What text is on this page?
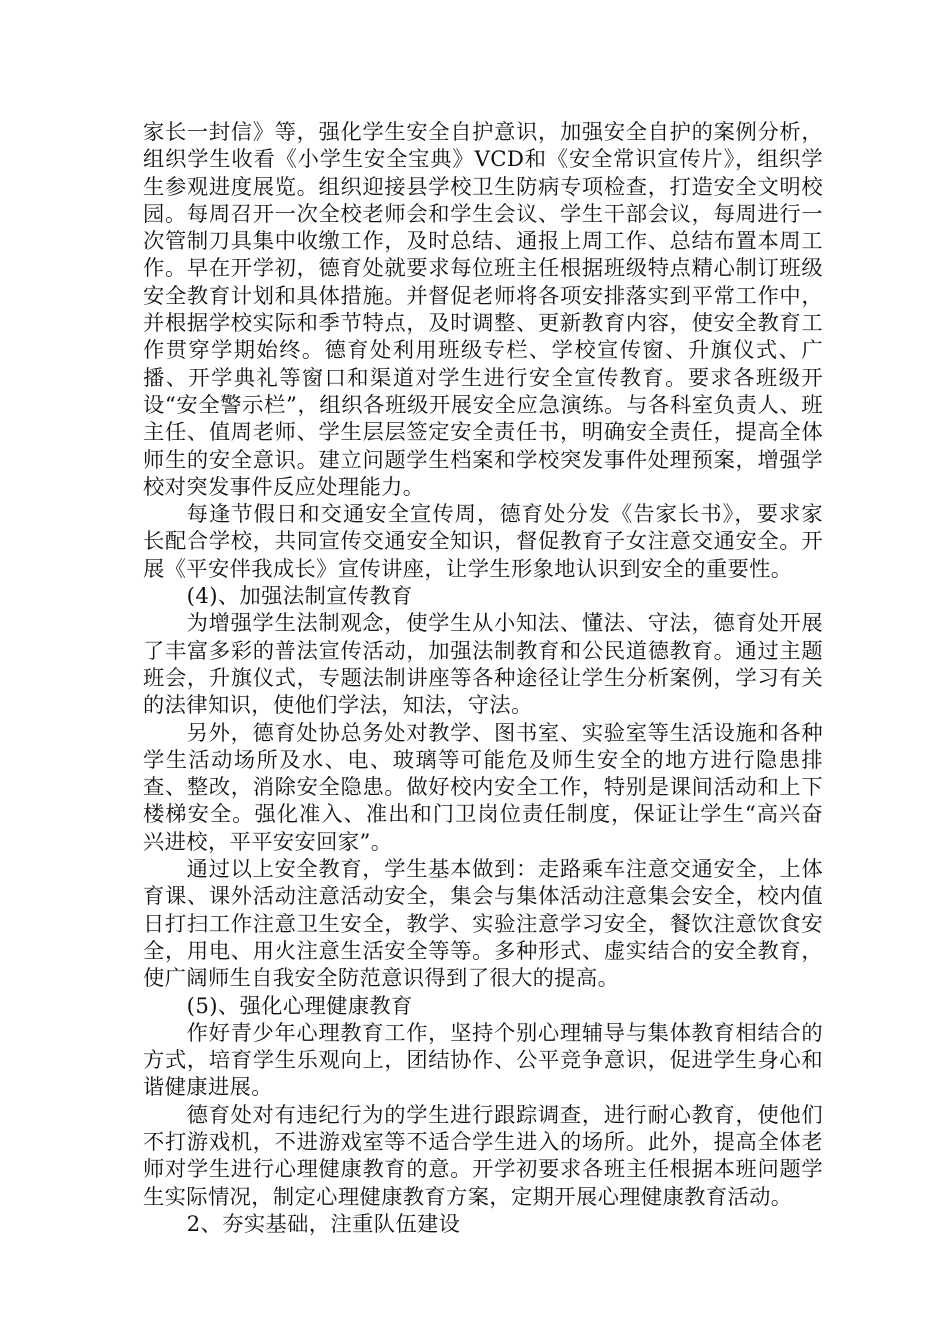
家长一封信》等，强化学生安全自护意识，加强安全自护的案例分析，组织学生收看《小学生安全宝典》VCD和《安全常识宣传片》，组织学生参观进度展览。组织迎接县学校卫生防病专项检查，打造安全文明校园。每周召开一次全校老师会和学生会议、学生干部会议，每周进行一次管制刀具集中收缴工作，及时总结、通报上周工作、总结布置本周工作。早在开学初，德育处就要求每位班主任根据班级特点精心制订班级安全教育计划和具体措施。并督促老师将各项安排落实到平常工作中，并根据学校实际和季节特点，及时调整、更新教育内容，使安全教育工作贯穿学期始终。德育处利用班级专栏、学校宣传窗、升旗仪式、广播、开学典礼等窗口和渠道对学生进行安全宣传教育。要求各班级开设“安全警示栏”，组织各班级开展安全应急演练。与各科室负责人、班主任、值周老师、学生层层签定安全责任书，明确安全责任，提高全体师生的安全意识。建立问题学生档案和学校突发事件处理预案，增强学校对突发事件反应处理能力。

每逢节假日和交通安全宣传周，德育处分发《告家长书》，要求家长配合学校，共同宣传交通安全知识，督促教育子女注意交通安全。开展《平安伴我成长》宣传讲座，让学生形象地认识到安全的重要性。

(4)、加强法制宣传教育

为增强学生法制观念，使学生从小知法、懂法、守法，德育处开展了丰富多彩的普法宣传活动，加强法制教育和公民道德教育。通过主题班会，升旗仪式，专题法制讲座等各种途径让学生分析案例，学习有关的法律知识，使他们学法，知法，守法。

另外，德育处协总务处对教学、图书室、实验室等生活设施和各种学生活动场所及水、电、玻璃等可能危及师生安全的地方进行隐患排查、整改，消除安全隐患。做好校内安全工作，特别是课间活动和上下楼梯安全。强化准入、准出和门卫岗位责任制度，保证让学生“高兴奋兴进校，平平安安回家”。

通过以上安全教育，学生基本做到：走路乘车注意交通安全，上体育课、课外活动注意活动安全，集会与集体活动注意集会安全，校内值日打扫工作注意卫生安全，教学、实验注意学习安全，餐饮注意饮食安全，用电、用火注意生活安全等等。多种形式、虚实结合的安全教育，使广阔师生自我安全防范意识得到了很大的提高。

(5)、强化心理健康教育

作好青少年心理教育工作，坚持个别心理辅导与集体教育相结合的方式，培育学生乐观向上，团结协作、公平竞争意识，促进学生身心和谐健康进展。

德育处对有违纪行为的学生进行跟踪调查，进行耐心教育，使他们不打游戏机，不进游戏室等不适合学生进入的场所。此外，提高全体老师对学生进行心理健康教育的意。开学初要求各班主任根据本班问题学生实际情况，制定心理健康教育方案，定期开展心理健康教育活动。

2、夯实基础，注重队伍建设
